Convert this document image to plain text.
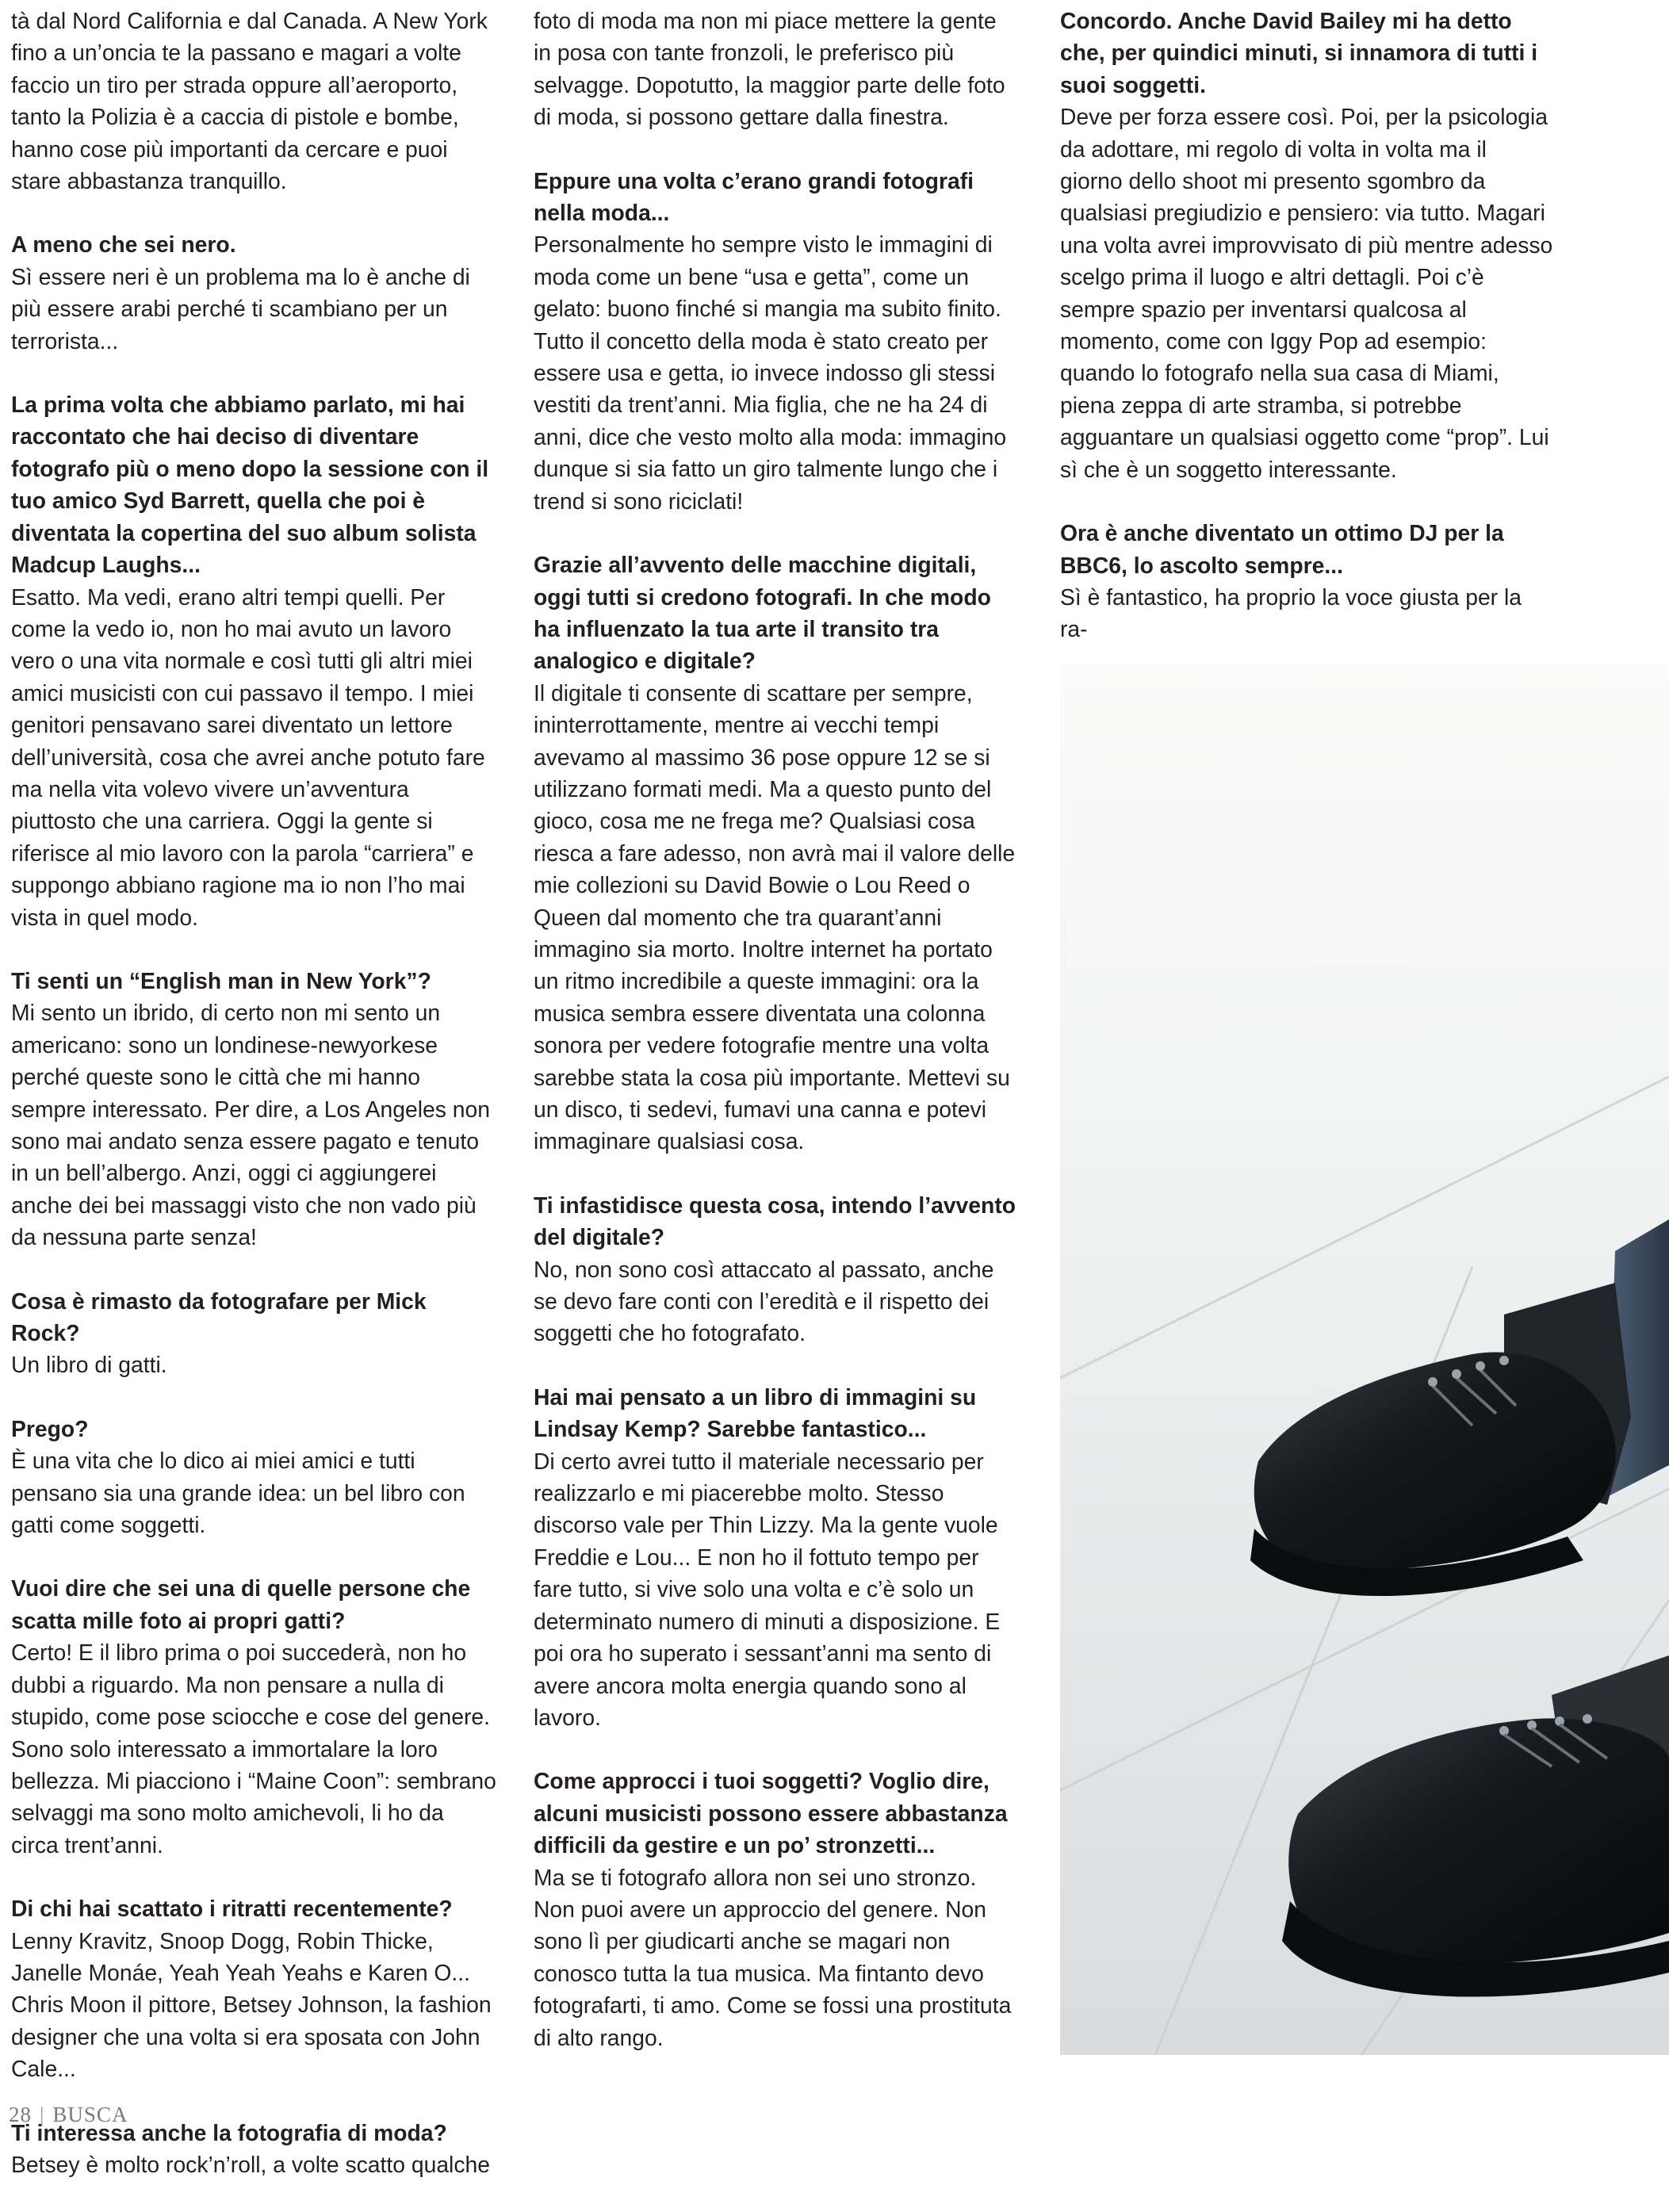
tà dal Nord California e dal Canada. A New York fino a un’oncia te la passano e magari a volte faccio un tiro per strada oppure all’aeroporto, tanto la Polizia è a caccia di pistole e bombe, hanno cose più importanti da cercare e puoi stare abbastanza tranquillo.

A meno che sei nero.

Sì essere neri è un problema ma lo è anche di più essere arabi perché ti scambiano per un terrorista...

La prima volta che abbiamo parlato, mi hai raccontato che hai deciso di diventare fotografo più o meno dopo la sessione con il tuo amico Syd Barrett, quella che poi è diventata la copertina del suo album solista Madcup Laughs...

Esatto. Ma vedi, erano altri tempi quelli. Per come la vedo io, non ho mai avuto un lavoro vero o una vita normale e così tutti gli altri miei amici musicisti con cui passavo il tempo. I miei genitori pensavano sarei diventato un lettore dell’università, cosa che avrei anche potuto fare ma nella vita volevo vivere un’avventura piuttosto che una carriera. Oggi la gente si riferisce al mio lavoro con la parola “carriera” e suppongo abbiano ragione ma io non l’ho mai vista in quel modo.

Ti senti un “English man in New York”?

Mi sento un ibrido, di certo non mi sento un americano: sono un londinese-newyorkese perché queste sono le città che mi hanno sempre interessato. Per dire, a Los Angeles non sono mai andato senza essere pagato e tenuto in un bell’albergo. Anzi, oggi ci aggiungerei anche dei bei massaggi visto che non vado più da nessuna parte senza!

Cosa è rimasto da fotografare per Mick Rock?

Un libro di gatti.

Prego?

È una vita che lo dico ai miei amici e tutti pensano sia una grande idea: un bel libro con gatti come soggetti.

Vuoi dire che sei una di quelle persone che scatta mille foto ai propri gatti?

Certo! E il libro prima o poi succederà, non ho dubbi a riguardo. Ma non pensare a nulla di stupido, come pose sciocche e cose del genere. Sono solo interessato a immortalare la loro bellezza. Mi piacciono i “Maine Coon”: sembrano selvaggi ma sono molto amichevoli, li ho da circa trent’anni.

Di chi hai scattato i ritratti recentemente?

Lenny Kravitz, Snoop Dogg, Robin Thicke, Janelle Monáe, Yeah Yeah Yeahs e Karen O... Chris Moon il pittore, Betsey Johnson, la fashion designer che una volta si era sposata con John Cale...

Ti interessa anche la fotografia di moda?

Betsey è molto rock’n’roll, a volte scatto qualche

foto di moda ma non mi piace mettere la gente in posa con tante fronzoli, le preferisco più selvagge. Dopotutto, la maggior parte delle foto di moda, si possono gettare dalla finestra.

Eppure una volta c’erano grandi fotografi nella moda...

Personalmente ho sempre visto le immagini di moda come un bene “usa e getta”, come un gelato: buono finché si mangia ma subito finito. Tutto il concetto della moda è stato creato per essere usa e getta, io invece indosso gli stessi vestiti da trent’anni. Mia figlia, che ne ha 24 di anni, dice che vesto molto alla moda: immagino dunque si sia fatto un giro talmente lungo che i trend si sono riciclati!

Grazie all’avvento delle macchine digitali, oggi tutti si credono fotografi. In che modo ha influenzato la tua arte il transito tra analogico e digitale?

Il digitale ti consente di scattare per sempre, ininterrottamente, mentre ai vecchi tempi avevamo al massimo 36 pose oppure 12 se si utilizzano formati medi. Ma a questo punto del gioco, cosa me ne frega me? Qualsiasi cosa riesca a fare adesso, non avrà mai il valore delle mie collezioni su David Bowie o Lou Reed o Queen dal momento che tra quarant’anni immagino sia morto. Inoltre internet ha portato un ritmo incredibile a queste immagini: ora la musica sembra essere diventata una colonna sonora per vedere fotografie mentre una volta sarebbe stata la cosa più importante. Mettevi su un disco, ti sedevi, fumavi una canna e potevi immaginare qualsiasi cosa.

Ti infastidisce questa cosa, intendo l’avvento del digitale?

No, non sono così attaccato al passato, anche se devo fare conti con l’eredità e il rispetto dei soggetti che ho fotografato.

Hai mai pensato a un libro di immagini su Lindsay Kemp? Sarebbe fantastico...

Di certo avrei tutto il materiale necessario per realizzarlo e mi piacerebbe molto. Stesso discorso vale per Thin Lizzy. Ma la gente vuole Freddie e Lou... E non ho il fottuto tempo per fare tutto, si vive solo una volta e c’è solo un determinato numero di minuti a disposizione. E poi ora ho superato i sessant’anni ma sento di avere ancora molta energia quando sono al lavoro.

Come approcci i tuoi soggetti? Voglio dire, alcuni musicisti possono essere abbastanza difficili da gestire e un po’ stronzetti...

Ma se ti fotografo allora non sei uno stronzo. Non puoi avere un approccio del genere. Non sono lì per giudicarti anche se magari non conosco tutta la tua musica. Ma fintanto devo fotografarti, ti amo. Come se fossi una prostituta di alto rango.

Concordo. Anche David Bailey mi ha detto che, per quindici minuti, si innamora di tutti i suoi soggetti.

Deve per forza essere così. Poi, per la psicologia da adottare, mi regolo di volta in volta ma il giorno dello shoot mi presento sgombro da qualsiasi pregiudizio e pensiero: via tutto. Magari una volta avrei improvvisato di più mentre adesso scelgo prima il luogo e altri dettagli. Poi c’è sempre spazio per inventarsi qualcosa al momento, come con Iggy Pop ad esempio: quando lo fotografo nella sua casa di Miami, piena zeppa di arte stramba, si potrebbe agguantare un qualsiasi oggetto come “prop”. Lui sì che è un soggetto interessante.

Ora è anche diventato un ottimo DJ per la BBC6, lo ascolto sempre...

Sì è fantastico, ha proprio la voce giusta per la ra-

28 | BUSCA
